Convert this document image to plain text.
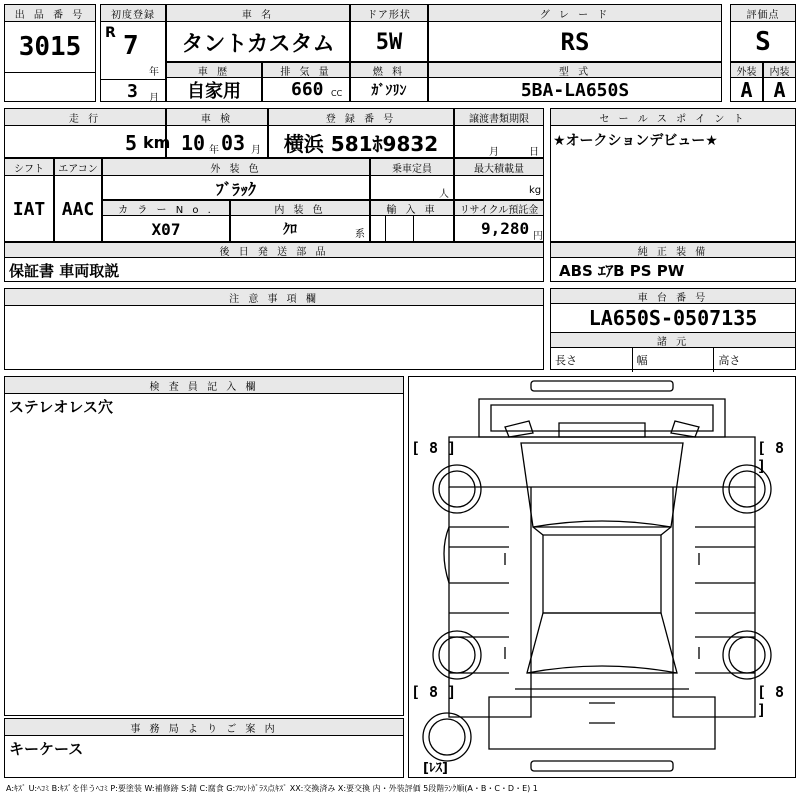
出 品 番 号
3015
初度登録
R 7
年
3 月
車 名
タントカスタム
ドア形状
5W
グ レ ー ド
RS
評価点
S
車 歴
自家用
排 気 量
660 CC
燃 料
ｶﾞｿﾘﾝ
型 式
5BA-LA650S
外装
A
内装
A
走 行
5 km
車 検
10 年 03 月
登 録 番 号
横浜 581ﾎ9832
譲渡書類期限
月	日
シフト
IAT
エアコン
AAC
外 装 色
ﾌﾞﾗｯｸ
乗車定員
人
最大積載量
kg
カ ラ ー N o .
X07
内 装 色
ｸﾛ	系
輸 入 車	リサイクル預託金
9,280 円
セ ー ル ス ポ イ ン ト
★オークションデビュー★
後 日 発 送 部 品
保証書 車両取説
純 正 装 備
ABS ｴｱB PS PW
注 意 事 項 欄	車 台 番 号
LA650S-0507135
諸 元
長さ	幅	高さ
検 査 員 記 入 欄
ステレオレス穴
事 務 局 よ り ご 案 内
キーケース
[ 8 ]	[ 8 ]
[ 8 ]	[ 8 ]
[ﾚｽ]
A:ｷｽﾞ U:ﾍｺﾐ B:ｷｽﾞを伴うﾍｺﾐ P:要塗装 W:補修跡 S:錆 C:腐食 G:ﾌﾛﾝﾄｶﾞﾗｽ点ｷｽﾞ XX:交換済み X:要交換 内・外装評価 5段階ﾗﾝｸ順(A・B・C・D・E) 1
